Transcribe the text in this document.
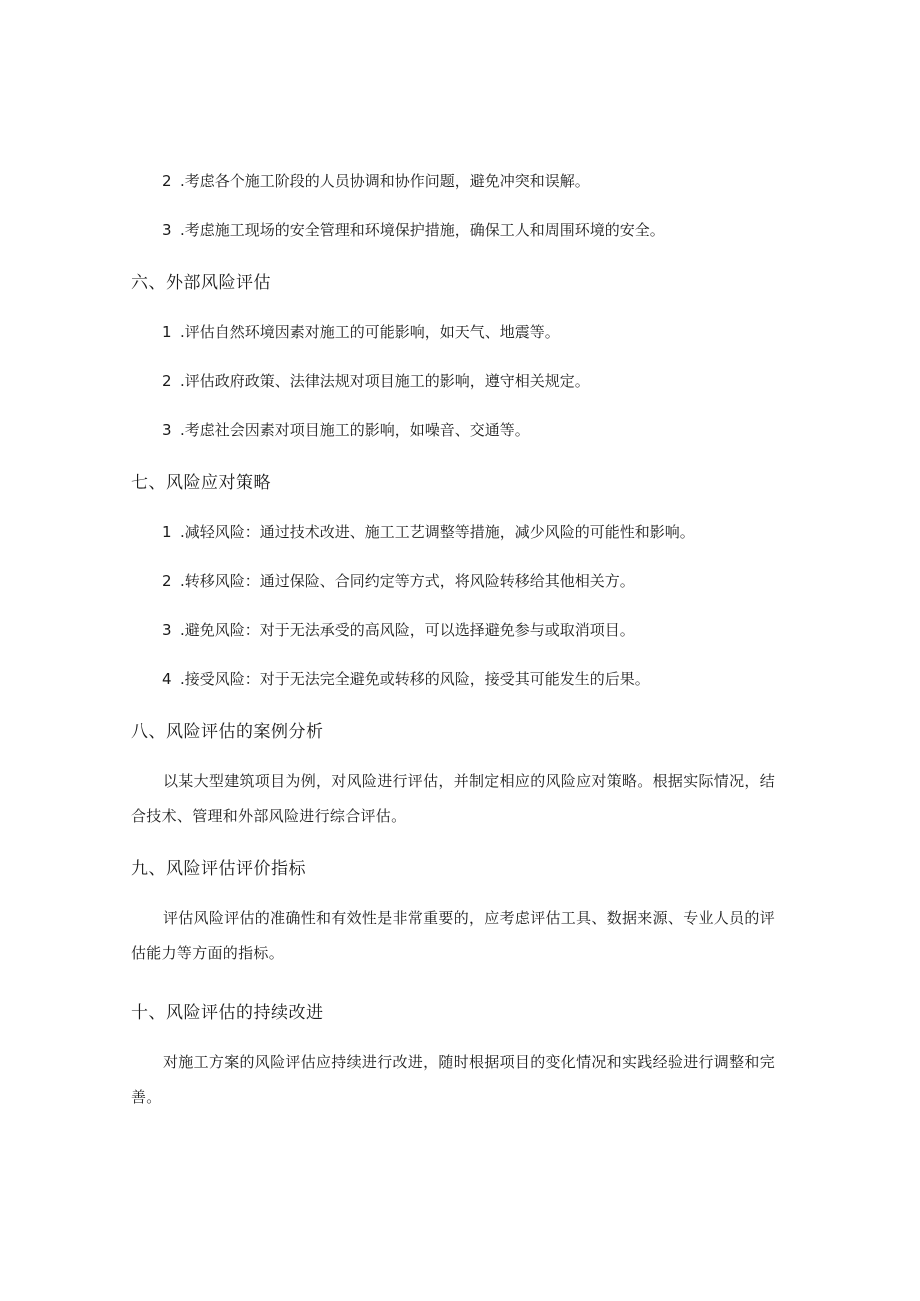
2 .考虑各个施工阶段的人员协调和协作问题，避免冲突和误解。
3 .考虑施工现场的安全管理和环境保护措施，确保工人和周围环境的安全。
六、外部风险评估
1 .评估自然环境因素对施工的可能影响，如天气、地震等。
2 .评估政府政策、法律法规对项目施工的影响，遵守相关规定。
3 .考虑社会因素对项目施工的影响，如噪音、交通等。
七、风险应对策略
1 .减轻风险：通过技术改进、施工工艺调整等措施，减少风险的可能性和影响。
2 .转移风险：通过保险、合同约定等方式，将风险转移给其他相关方。
3 .避免风险：对于无法承受的高风险，可以选择避免参与或取消项目。
4 .接受风险：对于无法完全避免或转移的风险，接受其可能发生的后果。
八、风险评估的案例分析
以某大型建筑项目为例，对风险进行评估，并制定相应的风险应对策略。根据实际情况，结合技术、管理和外部风险进行综合评估。
九、风险评估评价指标
评估风险评估的准确性和有效性是非常重要的，应考虑评估工具、数据来源、专业人员的评估能力等方面的指标。
十、风险评估的持续改进
对施工方案的风险评估应持续进行改进，随时根据项目的变化情况和实践经验进行调整和完善。
